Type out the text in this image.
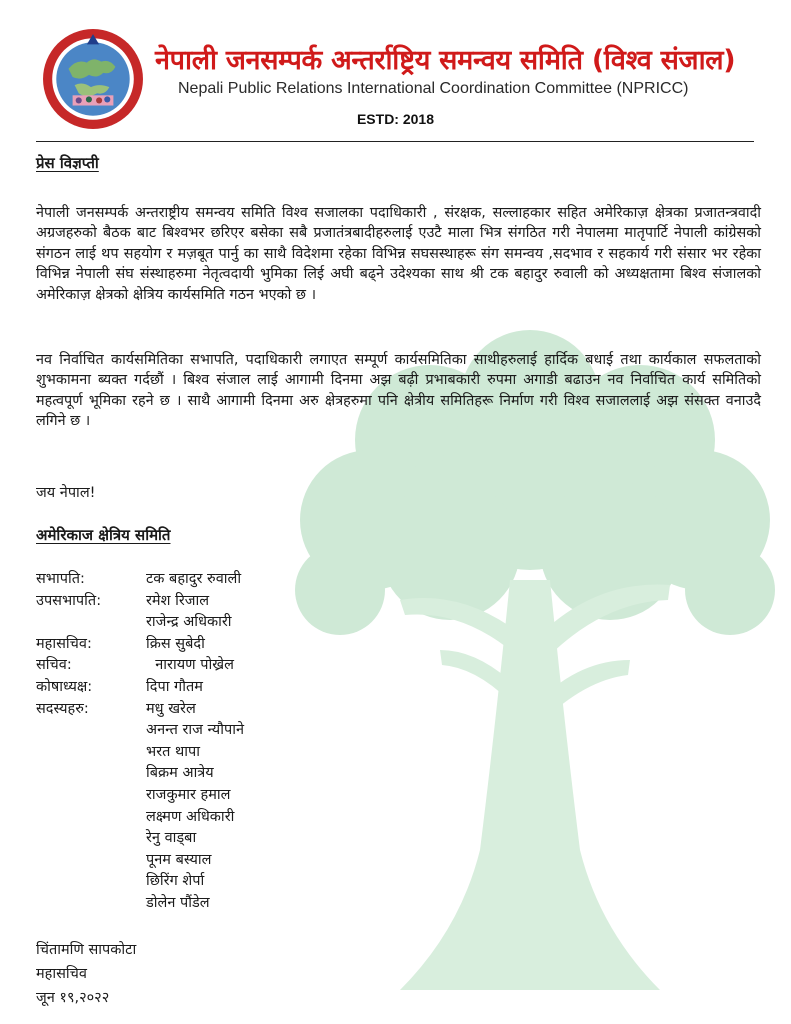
नेपाली जनसम्पर्क अन्तर्राष्ट्रिय समन्वय समिति (विश्व संजाल)
Nepali Public Relations International Coordination Committee (NPRICC)
ESTD: 2018
प्रेस विज्ञप्ती
नेपाली जनसम्पर्क अन्तराष्ट्रीय समन्वय समिति विश्व सजालका पदाधिकारी , संरक्षक, सल्लाहकार सहित अमेरिकाज़ क्षेत्रका प्रजातन्त्रवादी अग्रजहरुको बैठक बाट बिश्वभर छरिएर बसेका सबै प्रजातंत्रबादीहरुलाई एउटै माला भित्र संगठित गरी नेपालमा मातृपार्टि नेपाली कांग्रेसको संगठन लाई थप सहयोग र मज़बूत पार्नु का साथै विदेशमा रहेका विभिन्न सघसस्थाहरू संग समन्वय ,सदभाव र सहकार्य गरी संसार भर रहेका विभिन्न नेपाली संघ संस्थाहरुमा नेतृत्वदायी भुमिका लिई अघी बढ्ने उदेश्यका साथ श्री टक बहादुर रुवाली को अध्यक्षतामा बिश्व संजालको अमेरिकाज़ क्षेत्रको क्षेत्रिय कार्यसमिति गठन भएको छ ।
नव निर्वाचित कार्यसमितिका सभापति, पदाधिकारी लगाएत सम्पूर्ण कार्यसमितिका साथीहरुलाई हार्दिक बधाई तथा कार्यकाल सफलताको शुभकामना ब्यक्त गर्दछौं । बिश्व संजाल लाई आगामी दिनमा अझ बढ़ी प्रभाबकारी रुपमा अगाडी बढाउन नव निर्वाचित कार्य समितिको महत्वपूर्ण भूमिका रहने छ । साथै आगामी दिनमा अरु क्षेत्रहरुमा पनि क्षेत्रीय समितिहरू निर्माण गरी विश्व सजाललाई अझ संसक्त वनाउदै लगिने छ ।
जय नेपाल!
अमेरिकाज क्षेत्रिय समिति
सभापति:	टक बहादुर रुवाली
उपसभापति:	रमेश रिजाल
राजेन्द्र अधिकारी
महासचिव:	क्रिस सुबेदी
सचिव:	नारायण पोख्रेल
कोषाध्यक्ष:	दिपा गौतम
सदस्यहरु:	मधु खरेल
अनन्त राज न्यौपाने
भरत थापा
बिक्रम आत्रेय
राजकुमार हमाल
लक्ष्मण अधिकारी
रेनु वाड्बा
पूनम बस्याल
छिरिंग शेर्पा
डोलेन पौंडेल
चिंतामणि सापकोटा
महासचिव
जून १९,२०२२
